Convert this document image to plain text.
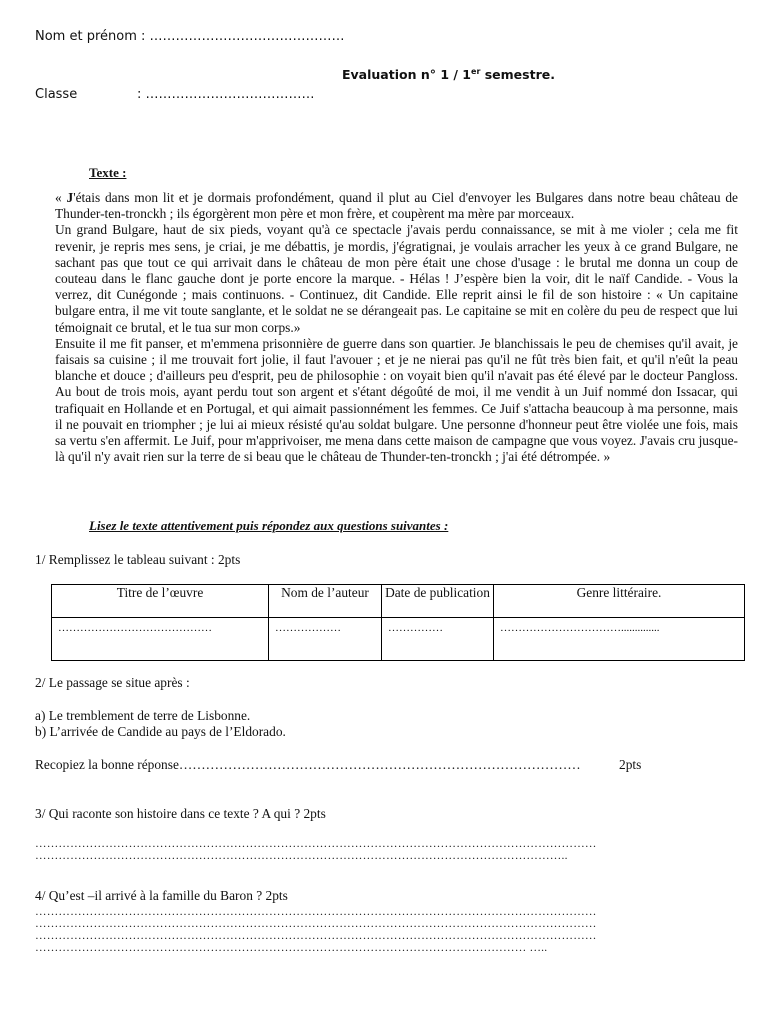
Nom et prénom : ………………………………………
Evaluation n° 1 / 1er semestre.
Classe	: …………………………………
Texte :

« J'étais dans mon lit et je dormais profondément, quand il plut au Ciel d'envoyer les Bulgares dans notre beau château de Thunder-ten-tronckh ; ils égorgèrent mon père et mon frère, et coupèrent ma mère par morceaux.

Un grand Bulgare, haut de six pieds, voyant qu'à ce spectacle j'avais perdu connaissance, se mit à me violer ; cela me fit revenir, je repris mes sens, je criai, je me débattis, je mordis, j'égratignai, je voulais arracher les yeux à ce grand Bulgare, ne sachant pas que tout ce qui arrivait dans le château de mon père était une chose d'usage : le brutal me donna un coup de couteau dans le flanc gauche dont je porte encore la marque. - Hélas ! J’espère bien la voir, dit le naïf Candide. - Vous la verrez, dit Cunégonde ; mais continuons. - Continuez, dit Candide. Elle reprit ainsi le fil de son histoire : « Un capitaine bulgare entra, il me vit toute sanglante, et le soldat ne se dérangeait pas. Le capitaine se mit en colère du peu de respect que lui témoignait ce brutal, et le tua sur mon corps.»

Ensuite il me fit panser, et m'emmena prisonnière de guerre dans son quartier. Je blanchissais le peu de chemises qu'il avait, je faisais sa cuisine ; il me trouvait fort jolie, il faut l'avouer ; et je ne nierai pas qu'il ne fût très bien fait, et qu'il n'eût la peau blanche et douce ; d'ailleurs peu d'esprit, peu de philosophie : on voyait bien qu'il n'avait pas été élevé par le docteur Pangloss. Au bout de trois mois, ayant perdu tout son argent et s'étant dégoûté de moi, il me vendit à un Juif nommé don Issacar, qui trafiquait en Hollande et en Portugal, et qui aimait passionnément les femmes. Ce Juif s'attacha beaucoup à ma personne, mais il ne pouvait en triompher ; je lui ai mieux résisté qu'au soldat bulgare. Une personne d'honneur peut être violée une fois, mais sa vertu s'en affermit. Le Juif, pour m'apprivoiser, me mena dans cette maison de campagne que vous voyez. J'avais cru jusque-là qu'il n'y avait rien sur la terre de si beau que le château de Thunder-ten-tronckh ; j'ai été détrompée. »

Lisez le texte attentivement puis répondez aux questions suivantes :
1/ Remplissez le tableau suivant : 2pts
Titre de l’œuvre	Nom de l’auteur	Date de publication	Genre littéraire.
……………………………………	………………	……………	……………………………..............
2/ Le passage se situe après :
a) Le tremblement de terre de Lisbonne.
b) L’arrivée de Candide au pays de l’Eldorado.
Recopiez la bonne réponse………………………………………………………………………………	2pts
3/ Qui raconte son histoire dans ce texte ? A qui ? 2pts
………………………………………………………………………………………………………………………………
………………………………………………………………………………………………………………………..
4/ Qu’est –il arrivé à la famille du Baron ? 2pts
………………………………………………………………………………………………………………………………
………………………………………………………………………………………………………………………………
………………………………………………………………………………………………………………………………
……………………………………………………………………………………………………………… …..
